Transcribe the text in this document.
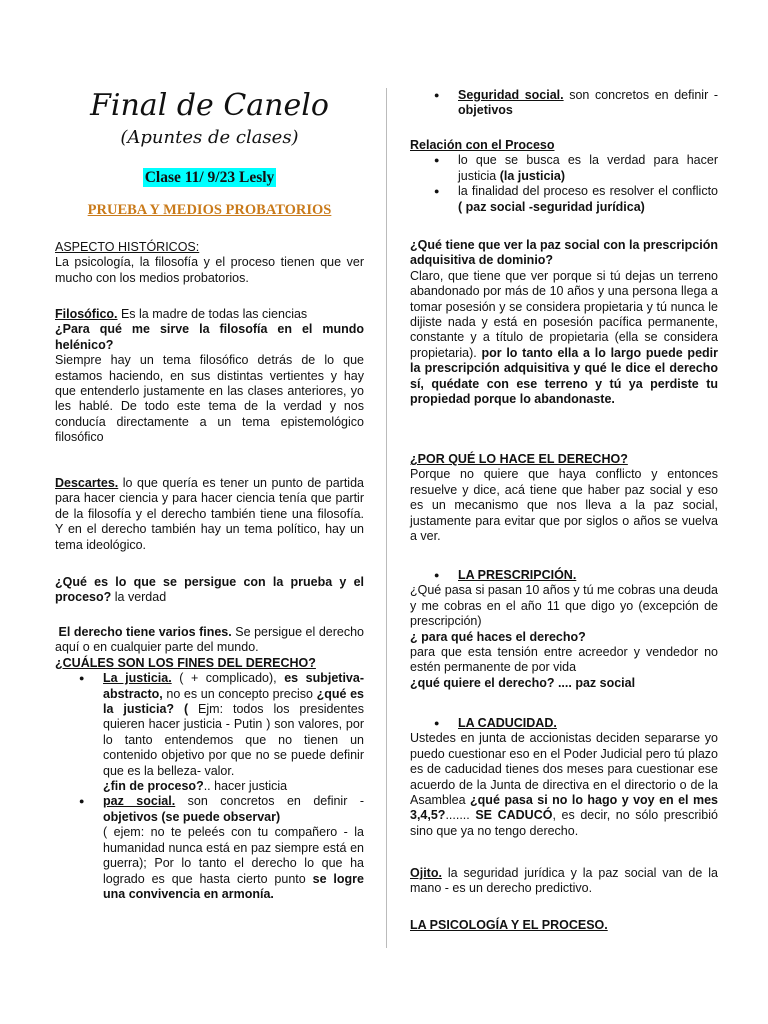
Final de Canelo
(Apuntes de clases)
Clase 11/ 9/23 Lesly
PRUEBA Y MEDIOS PROBATORIOS

ASPECTO HISTÓRICOS:

La psicología, la filosofía y el proceso tienen que ver mucho con los medios probatorios.

Filosófico. Es la madre de todas las ciencias

¿Para qué me sirve la filosofía en el mundo helénico?

Siempre hay un tema filosófico detrás de lo que estamos haciendo, en sus distintas vertientes y hay que entenderlo justamente en las clases anteriores, yo les hablé. De todo este tema de la verdad y nos conducía directamente a un tema epistemológico filosófico

Descartes. lo que quería es tener un punto de partida para hacer ciencia y para hacer ciencia tenía que partir de la filosofía y el derecho también tiene una filosofía. Y en el derecho también hay un tema político, hay un tema ideológico.

¿Qué es lo que se persigue con la prueba y el proceso? la verdad

El derecho tiene varios fines. Se persigue el derecho aquí o en cualquier parte del mundo.

¿CUÁLES SON LOS FINES DEL DERECHO?

● La justicia. ( + complicado), es subjetiva-abstracto, no es un concepto preciso ¿qué es la justicia? ( Ejm: todos los presidentes quieren hacer justicia - Putin ) son valores, por lo tanto entendemos que no tienen un contenido objetivo por que no se puede definir que es la belleza- valor.

¿fin de proceso?.. hacer justicia

● paz social. son concretos en definir - objetivos (se puede observar)

( ejem: no te peleés con tu compañero - la humanidad nunca está en paz siempre está en guerra); Por lo tanto el derecho lo que ha logrado es que hasta cierto punto se logre una convivencia en armonía.

● Seguridad social. son concretos en definir - objetivos

Relación con el Proceso

● lo que se busca es la verdad para hacer justicia (la justicia)

● la finalidad del proceso es resolver el conflicto ( paz social -seguridad jurídica)

¿Qué tiene que ver la paz social con la prescripción adquisitiva de dominio?

Claro, que tiene que ver porque si tú dejas un terreno abandonado por más de 10 años y una persona llega a tomar posesión y se considera propietaria y tú nunca le dijiste nada y está en posesión pacífica permanente, constante y a título de propietaria (ella se considera propietaria). por lo tanto ella a lo largo puede pedir la prescripción adquisitiva y qué le dice el derecho sí, quédate con ese terreno y tú ya perdiste tu propiedad porque lo abandonaste.

¿POR QUÉ LO HACE EL DERECHO?

Porque no quiere que haya conflicto y entonces resuelve y dice, acá tiene que haber paz social y eso es un mecanismo que nos lleva a la paz social, justamente para evitar que por siglos o años se vuelva a ver.

● LA PRESCRIPCIÓN.

¿Qué pasa si pasan 10 años y tú me cobras una deuda y me cobras en el año 11 que digo yo (excepción de prescripción)

¿ para qué haces el derecho?

para que esta tensión entre acreedor y vendedor no estén permanente de por vida

¿qué quiere el derecho? .... paz social

● LA CADUCIDAD.

Ustedes en junta de accionistas deciden separarse yo puedo cuestionar eso en el Poder Judicial pero tú plazo es de caducidad tienes dos meses para cuestionar ese acuerdo de la Junta de directiva en el directorio o de la Asamblea ¿qué pasa si no lo hago y voy en el mes 3,4,5?....... SE CADUCÓ, es decir, no sólo prescribió sino que ya no tengo derecho.

Ojito. la seguridad jurídica y la paz social van de la mano - es un derecho predictivo.

LA PSICOLOGÍA Y EL PROCESO.
